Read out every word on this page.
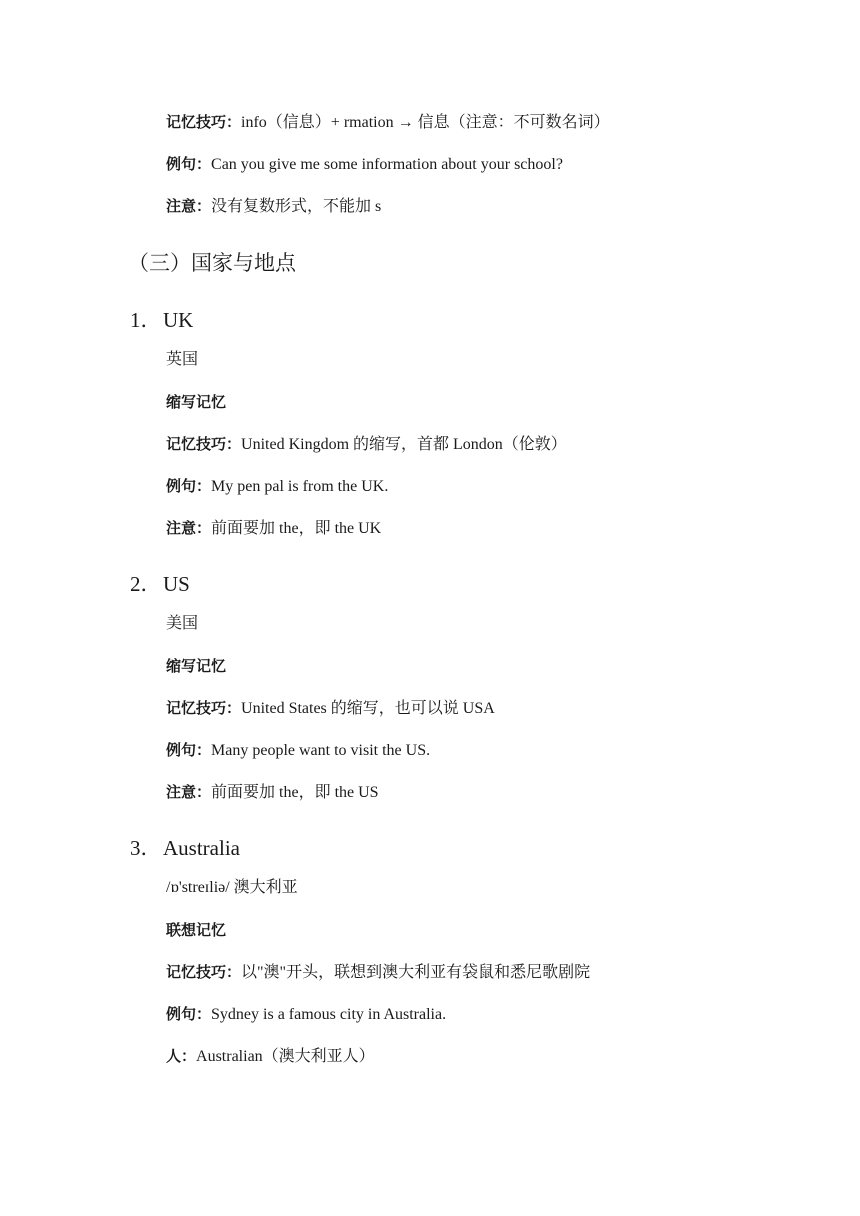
记忆技巧：info（信息）+ rmation → 信息（注意：不可数名词）
例句：Can you give me some information about your school?
注意：没有复数形式，不能加 s
（三）国家与地点
1．UK
英国
缩写记忆
记忆技巧：United Kingdom 的缩写，首都 London（伦敦）
例句：My pen pal is from the UK.
注意：前面要加 the，即 the UK
2．US
美国
缩写记忆
记忆技巧：United States 的缩写，也可以说 USA
例句：Many people want to visit the US.
注意：前面要加 the，即 the US
3．Australia
/ɒ'streɪliə/ 澳大利亚
联想记忆
记忆技巧：以"澳"开头，联想到澳大利亚有袋鼠和悉尼歌剧院
例句：Sydney is a famous city in Australia.
人：Australian（澳大利亚人）
